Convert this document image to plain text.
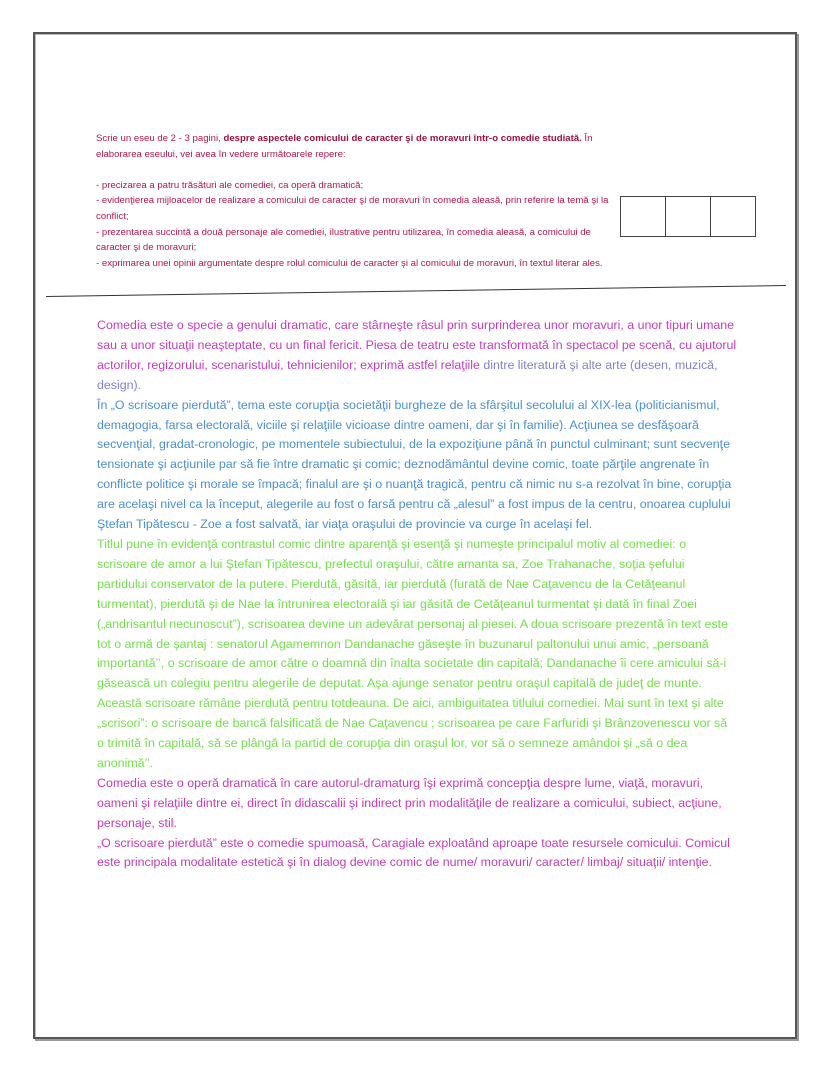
Scrie un eseu de 2 - 3 pagini, despre aspectele comicului de caracter şi de moravuri într-o comedie studiată. În elaborarea eseului, vei avea în vedere următoarele repere:

- precizarea a patru trăsături ale comediei, ca operă dramatică;

- evidenţierea mijloacelor de realizare a comicului de caracter şi de moravuri în comedia aleasă, prin referire la temă şi la conflict;

- prezentarea succintă a două personaje ale comediei, ilustrative pentru utilizarea, în comedia aleasă, a comicului de caracter şi de moravuri;

- exprimarea unei opinii argumentate despre rolul comicului de caracter şi al comicului de moravuri, în textul literar ales.

Comedia este o specie a genului dramatic, care stârneşte râsul prin surprinderea unor moravuri, a unor tipuri umane sau a unor situaţii neaşteptate, cu un final fericit. Piesa de teatru este transformată în spectacol pe scenă, cu ajutorul actorilor, regizorului, scenaristului, tehnicienilor; exprimă astfel relaţiile dintre literatură şi alte arte (desen, muzică, design).

În „O scrisoare pierdută”, tema este corupţia societăţii burgheze de la sfârşitul secolului al XIX-lea (politicianismul, demagogia, farsa electorală, viciile şi relaţiile vicioase dintre oameni, dar şi în familie). Acţiunea se desfăşoară secvenţial, gradat-cronologic, pe momentele subiectului, de la expoziţiune până în punctul culminant; sunt secvenţe tensionate şi acţiunile par să fie între dramatic şi comic; deznodământul devine comic, toate părţile angrenate în conflicte politice şi morale se împacă; finalul are şi o nuanţă tragică, pentru că nimic nu s-a rezolvat în bine, corupţia are acelaşi nivel ca la început, alegerile au fost o farsă pentru că „alesul” a fost impus de la centru, onoarea cuplului Ştefan Tipătescu - Zoe a fost salvată, iar viaţa oraşului de provincie va curge în acelaşi fel.

Titlul pune în evidenţă contrastul comic dintre aparenţă şi esenţă şi numeşte principalul motiv al comediei: o scrisoare de amor a lui Ştefan Tipătescu, prefectul oraşului, către amanta sa, Zoe Trahanache, soţia şefului partidului conservator de la putere. Pierdută, găsită, iar pierdută (furată de Nae Caţavencu de la Cetăţeanul turmentat), pierdută şi de Nae la întrunirea electorală şi iar găsită de Cetăţeanul turmentat şi dată în final Zoei („andrisantul necunoscut”), scrisoarea devine un adevărat personaj al piesei. A doua scrisoare prezentă în text este tot o armă de şantaj : senatorul Agamemnon Dandanache găseşte în buzunarul paltonului unui amic, „persoană importantă’’, o scrisoare de amor către o doamnă din înalta societate din capitală; Dandanache îi cere amicului să-i găsească un colegiu pentru alegerile de deputat. Aşa ajunge senator pentru oraşul capitală de judeţ de munte. Această scrisoare rămâne pierdută pentru totdeauna. De aici, ambiguitatea titlului comediei. Mai sunt în text şi alte „scrisori”: o scrisoare de bancă falsificată de Nae Caţavencu ; scrisoarea pe care Farfuridi şi Brânzovenescu vor să o trimită în capitală, să se plângă la partid de corupţia din oraşul lor, vor să o semneze amândoi şi „să o dea anonimă’’.

Comedia este o operă dramatică în care autorul-dramaturg îşi exprimă concepţia despre lume, viaţă, moravuri, oameni şi relaţiile dintre ei, direct în didascalii şi indirect prin modalităţile de realizare a comicului, subiect, acţiune, personaje, stil.

„O scrisoare pierdută” este o comedie spumoasă, Caragiale exploatând aproape toate resursele comicului. Comicul este principala modalitate estetică şi în dialog devine comic de nume/ moravuri/ caracter/ limbaj/ situaţii/ intenţie.
